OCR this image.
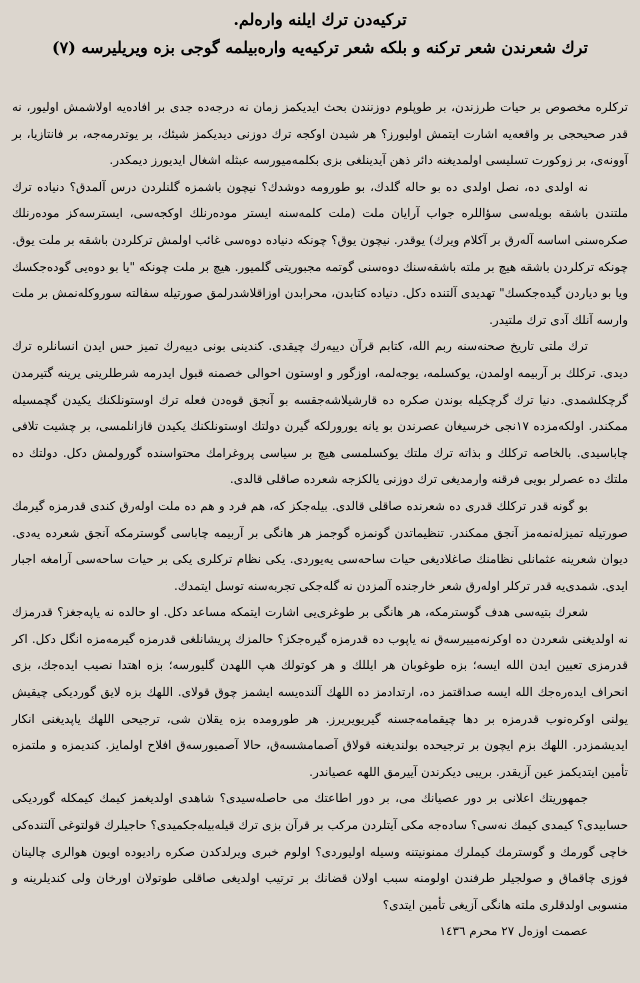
ترکیه‌دن ترك ایلنه وارەلم.
ترك شعرندن شعر ترکنه و بلکه شعر ترکیه‌یه وارەبیلمه گوجی بزه ویریلیرسه (٧)

ترکلره مخصوص بر حیات طرزندن، بر طوپلوم دوزنندن بحث ایدیکمز زمان نه درجه‌ده جدی بر افاده‌یه اولاشمش اولیور، نه قدر صحیحجی بر واقعه‌یه اشارت ایتمش اولیورز؟ هر شیدن اوکجه ترك دوزنی دیدیکمز شیئك، بر یوتدرمه‌جه، بر فانتازیا، بر آوونەی، بر زوکورت تسلیسی اولمدیغنه دائر ذهن آیدینلغی بزی بکلمه‌میورسه عبثله اشغال ایدیورز دیمکدر.

نه اولدی ده، نصل اولدی ده بو حاله گلدك، بو طورومه دوشدك؟ نیچون باشمزه گلنلردن درس آلمدق؟ دنیاده ترك ملتندن باشقه بویله‌سی سؤاللره جواب آرایان ملت (ملت کلمه‌سنه ایستر مودەرنلك اوکجه‌سی، ایسترسه‌کز مودەرنلك صکره‌سنی اساسه آلەرق بر آکلام ویرك) یوقدر. نیچون یوق؟ چونکه دنیاده دوه‌سی غائب اولمش ترکلردن باشقه بر ملت یوق. چونکه ترکلردن باشقه هیچ بر ملتە باشقه‌سنك دوه‌سنی گوتمه مجبوریتی گلمیور. هیچ بر ملت چونکه "یا بو دوه‌یی گوده‌جکسك ویا بو دیاردن گیده‌جکسك" تهدیدی آلتنده دکل. دنیاده کتابدن، محرابدن اوزاقلاشدرلمق صورتیله سفالته سوروکله‌نمش بر ملت وارسه آنلك آدی ترك ملتیدر.

ترك ملتی تاریخ صحنه‌سنه ربم الله، کتابم قرآن دییەرك چیقدی. کندینی بونی دییەرك تمیز حس ایدن انسانلره ترك دیدی. ترکلك بر آربیمه اولمدن، یوکسلمه، یوجه‌لمه، اوزگور و اوستون احوالی خصمنه قبول ایدرمه شرطلرینی یرینه گتیرمدن گرچکلشمدی. دنیا ترك گرچکیله بوندن صکره ده قارشیلاشه‌جقسه بو آنجق قوەدن فعله ترك اوستونلکنك یکیدن گچمسیله ممکندر. اولکه‌مزده ١٧نجی خرسیغان عصرندن بو یانه یورورلکه گیرن دولتك اوستونلکنك یکیدن قازانلمسی، بر چشیت تلافی چاباسیدی. بالخاصه ترکلك و بذاته ترك ملتك یوکسلمسی هیچ بر سیاسی پروغرامك محتواسنده گورولمش دکل. دولتك ده ملتك ده عصرلر بویی فرقنه وارمدیغی ترك دوزنی یالکزجه شعرده صاقلی قالدی.

بو گونه قدر ترکلك قدری ده شعرنده صاقلی قالدی. بیلەجکز که، هم فرد و هم ده ملت اولەرق کندی قدرمزه گیرمك صورتیله تمیزلەنمەمز آنجق ممکندر. تنظیماتدن گونمزه گوجمز هر هانگی بر آربیمه چاباسی گوسترمکه آنجق شعرده یەدی. دیوان شعرینه عثمانلی نظامنك صاغلادیغی حیات ساحەسی یەیوردی. یکی نظام ترکلری یکی بر حیات ساحەسی آرامغه اجبار ایدی. شمدی‌یه قدر ترکلر اولەرق شعر خارجنده آلمزدن نه گله‌جکی تجربه‌سنه توسل ایتمدك.

شعرك بتیەسی هدف گوسترمکه، هر هانگی بر طوغری‌یی اشارت ایتمکه مساعد دکل. او حالده نه یاپه‌جغز؟ قدرمزك نه اولدیغنی شعردن ده اوکرنه‌مییرسەق نه یاپوب ده قدرمزه گیره‌جکز؟ حالمزك پریشانلغی قدرمزه گیرمەمزه انگل دکل. اکر قدرمزی تعیین ایدن الله ایسه؛ بزه طوغوبان هر ایللك و هر کوتولك هپ اللهدن گلیورسه؛ بزه اهتدا نصیب ایده‌جك، بزی انحراف ایدەرەجك الله ایسه صداقتمز ده، ارتدادمز ده اللهك آلندەیسه ایشمز چوق قولای. اللهك بزه لایق گوردیکی چیقیش یولنی اوکرەنوب قدرمزه بر دها چیقمامه‌جسنه گیریویریرز. هر طورومده بزه یقلان شی، ترجیحی اللهك یاپدیغنی انکار ایدیشمزدر. اللهك بزم ایچون بر ترجیحده بولندیغنه قولاق آصمامشسەق، حالا آصمیورسەق افلاح اولمایز. کندیمزه و ملتمزه تأمین ایتدیکمز عین آزیقدر. بریبی دیکرندن آییرمق اللهه عصیاندر.

جمهوریتك اعلانی بر دور عصیانك می، بر دور اطاعتك می حاصله‌سیدی؟ شاهدی اولدیغمز کیمك کیمکله گوردیکی حسابیدی؟ کیمدی کیمك نەسی؟ ساده‌جه مکی آیتلردن مرکب بر قرآن بزی ترك قیلەبیلەجکمیدی؟ حاجیلرك قولتوغی آلتنده‌کی خاچی گورمك و گوسترمك کیملرك ممنونیتنه وسیله اولیوردی؟ اولوم خبری ویرلدکدن صکره رادیوده اویون هوالری چالینان فوزی چاقماق و صولجیلر طرفندن اولومنه سبب اولان قضانك بر ترتیب اولدیغی صاقلی طوتولان اورخان ولی کندیلرینه و منسوبی اولدقلری ملته هانگی آزیغی تأمین ایتدی؟

عصمت اوزەل ٢٧ محرم ١٤٣٦
